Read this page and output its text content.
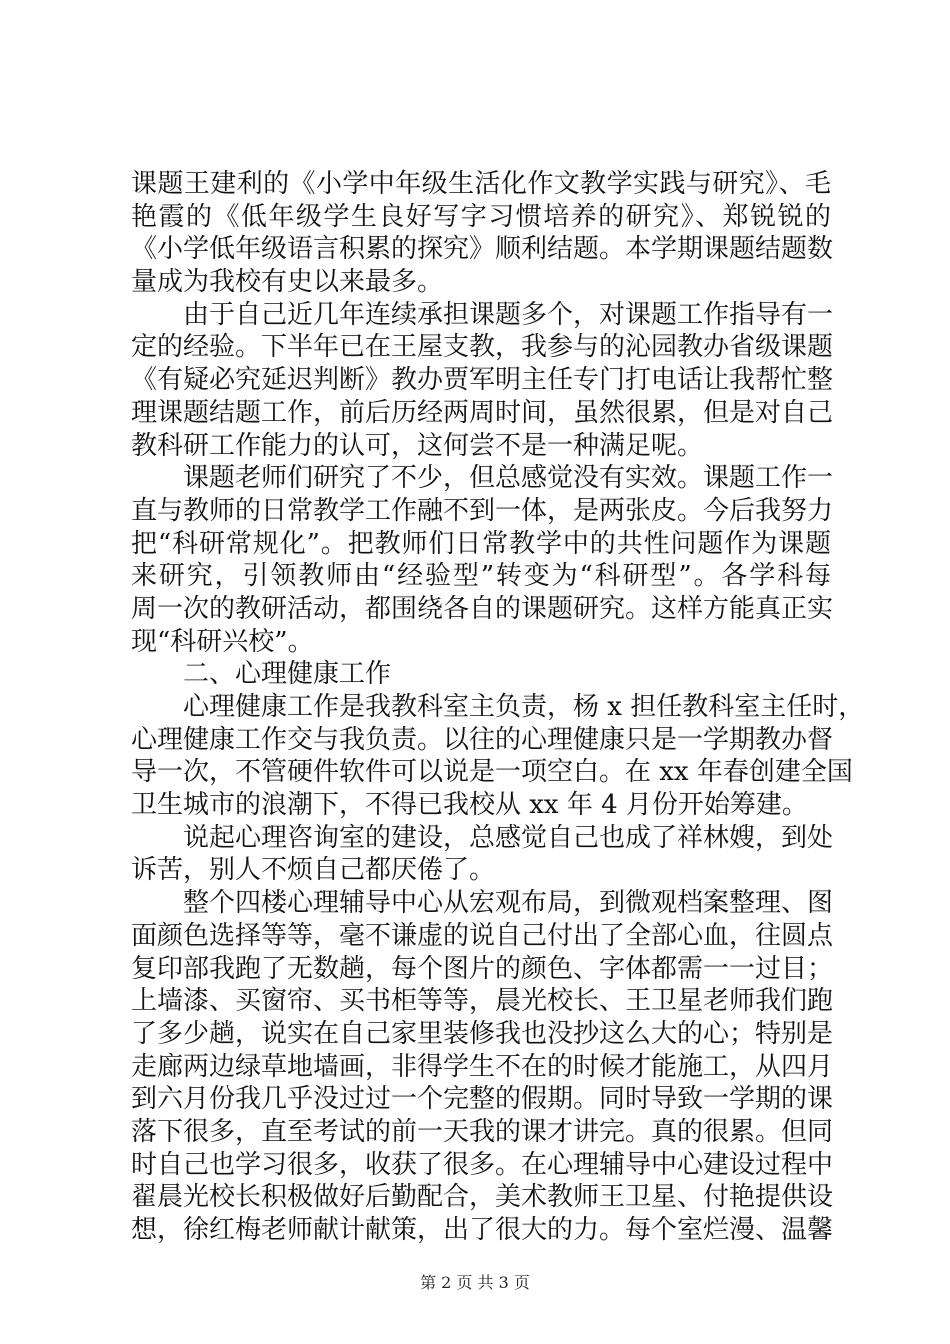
课题王建利的《小学中年级生活化作文教学实践与研究》、毛
艳霞的《低年级学生良好写字习惯培养的研究》、郑锐锐的
《小学低年级语言积累的探究》顺利结题。本学期课题结题数
量成为我校有史以来最多。
由于自己近几年连续承担课题多个，对课题工作指导有一
定的经验。下半年已在王屋支教，我参与的沁园教办省级课题
《有疑必究延迟判断》教办贾军明主任专门打电话让我帮忙整
理课题结题工作，前后历经两周时间，虽然很累，但是对自己
教科研工作能力的认可，这何尝不是一种满足呢。
课题老师们研究了不少，但总感觉没有实效。课题工作一
直与教师的日常教学工作融不到一体，是两张皮。今后我努力
把“科研常规化”。把教师们日常教学中的共性问题作为课题
来研究，引领教师由“经验型”转变为“科研型”。各学科每
周一次的教研活动，都围绕各自的课题研究。这样方能真正实
现“科研兴校”。
二、心理健康工作
心理健康工作是我教科室主负责，杨 x 担任教科室主任时，
心理健康工作交与我负责。以往的心理健康只是一学期教办督
导一次，不管硬件软件可以说是一项空白。在 xx 年春创建全国
卫生城市的浪潮下，不得已我校从 xx 年 4 月份开始筹建。
说起心理咨询室的建设，总感觉自己也成了祥林嫂，到处
诉苦，别人不烦自己都厌倦了。
整个四楼心理辅导中心从宏观布局，到微观档案整理、图
面颜色选择等等，毫不谦虚的说自己付出了全部心血，往圆点
复印部我跑了无数趟，每个图片的颜色、字体都需一一过目；
上墙漆、买窗帘、买书柜等等，晨光校长、王卫星老师我们跑
了多少趟，说实在自己家里装修我也没抄这么大的心；特别是
走廊两边绿草地墙画，非得学生不在的时候才能施工，从四月
到六月份我几乎没过过一个完整的假期。同时导致一学期的课
落下很多，直至考试的前一天我的课才讲完。真的很累。但同
时自己也学习很多，收获了很多。在心理辅导中心建设过程中
翟晨光校长积极做好后勤配合，美术教师王卫星、付艳提供设
想，徐红梅老师献计献策，出了很大的力。每个室烂漫、温馨
第 2 页 共 3 页
